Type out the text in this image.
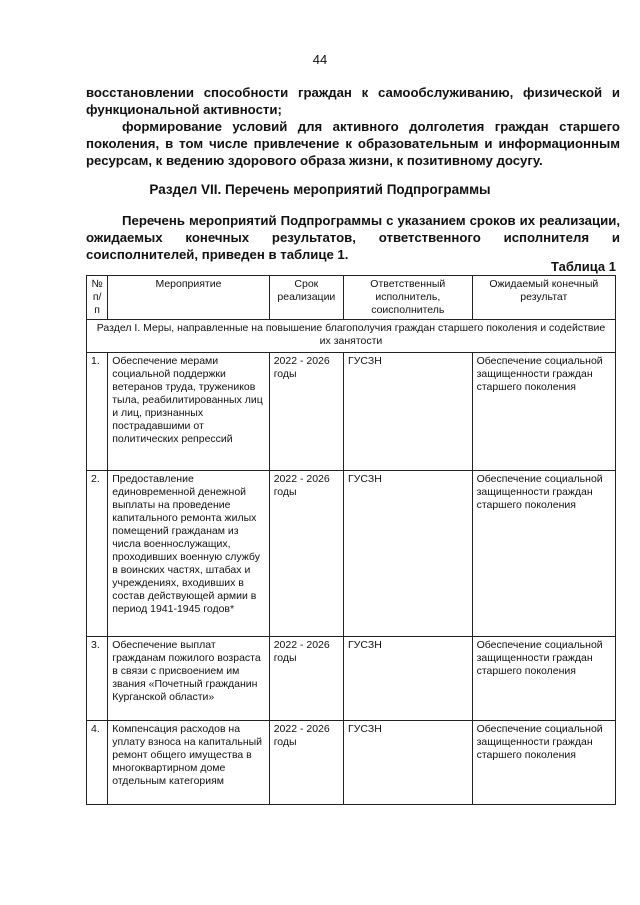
44

восстановлении способности граждан к самообслуживанию, физической и функциональной активности;

формирование условий для активного долголетия граждан старшего поколения, в том числе привлечение к образовательным и информационным ресурсам, к ведению здорового образа жизни, к позитивному досугу.

Раздел VII. Перечень мероприятий Подпрограммы

Перечень мероприятий Подпрограммы с указанием сроков их реализации, ожидаемых конечных результатов, ответственного исполнителя и соисполнителей, приведен в таблице 1.

Таблица 1
№ п/п	Мероприятие	Срок реализации	Ответственный исполнитель, соисполнитель	Ожидаемый конечный результат
Раздел I. Меры, направленные на повышение благополучия граждан старшего поколения и содействие их занятости				
1.	Обеспечение мерами социальной поддержки ветеранов труда, тружеников тыла, реабилитированных лиц и лиц, признанных пострадавшими от политических репрессий	2022 - 2026 годы	ГУСЗН	Обеспечение социальной защищенности граждан старшего поколения
2.	Предоставление единовременной денежной выплаты на проведение капитального ремонта жилых помещений гражданам из числа военнослужащих, проходивших военную службу в воинских частях, штабах и учреждениях, входивших в состав действующей армии в период 1941-1945 годов*	2022 - 2026 годы	ГУСЗН	Обеспечение социальной защищенности граждан старшего поколения
3.	Обеспечение выплат гражданам пожилого возраста в связи с присвоением им звания «Почетный гражданин Курганской области»	2022 - 2026 годы	ГУСЗН	Обеспечение социальной защищенности граждан старшего поколения
4.	Компенсация расходов на уплату взноса на капитальный ремонт общего имущества в многоквартирном доме отдельным категориям	2022 - 2026 годы	ГУСЗН	Обеспечение социальной защищенности граждан старшего поколения
